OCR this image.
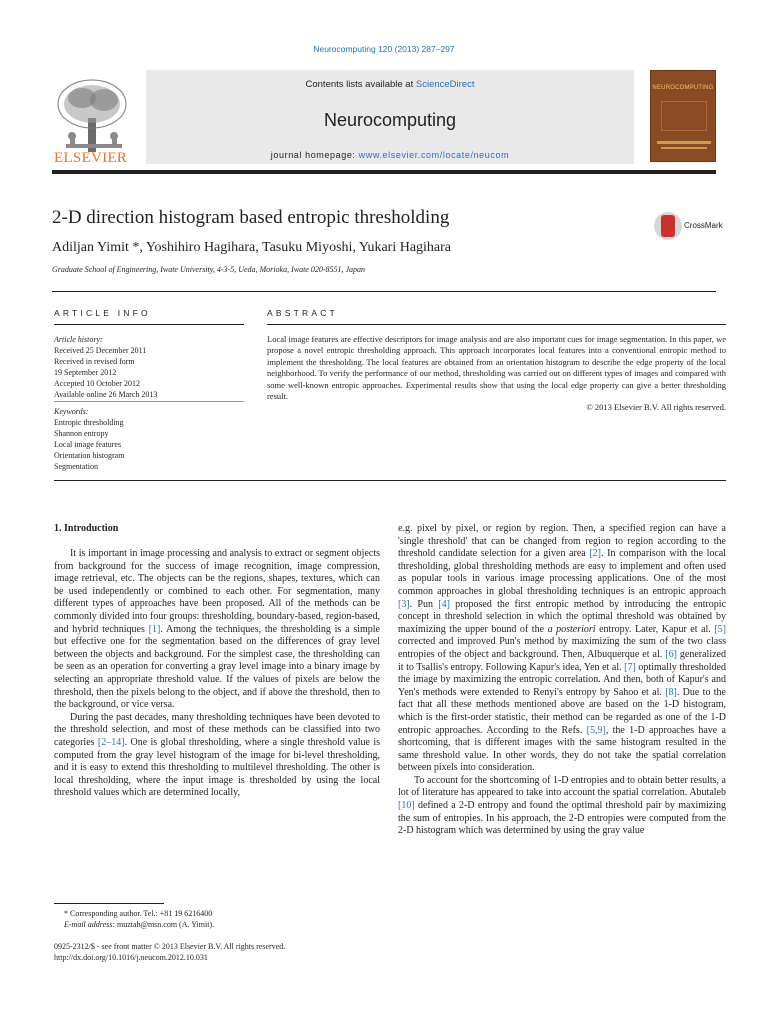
Neurocomputing 120 (2013) 287–297
ELSEVIER
Contents lists available at ScienceDirect
Neurocomputing
journal homepage: www.elsevier.com/locate/neucom
NEUROCOMPUTING
2-D direction histogram based entropic thresholding	CrossMark
Adiljan Yimit *, Yoshihiro Hagihara, Tasuku Miyoshi, Yukari Hagihara
Graduate School of Engineering, Iwate University, 4-3-5, Ueda, Morioka, Iwate 020-8551, Japan
ARTICLE INFO	ABSTRACT
Article history:
Received 25 December 2011
Received in revised form
19 September 2012
Accepted 10 October 2012
Available online 26 March 2013
Keywords:
Entropic thresholding
Shannon entropy
Local image features
Orientation histogram
Segmentation
Local image features are effective descriptors for image analysis and are also important cues for image segmentation. In this paper, we propose a novel entropic thresholding approach. This approach incorporates local features into a conventional entropic method to implement the thresholding. The local features are obtained from an orientation histogram to describe the edge property of the local neighborhood. To verify the performance of our method, thresholding was carried out on different types of images and compared with some well-known entropic approaches. Experimental results show that using the local edge property can give a better thresholding result.
© 2013 Elsevier B.V. All rights reserved.
1. Introduction

It is important in image processing and analysis to extract or segment objects from background for the success of image recognition, image compression, image retrieval, etc. The objects can be the regions, shapes, textures, which can be used independently or combined to each other. For segmentation, many different types of approaches have been proposed. All of the methods can be commonly divided into four groups: thresholding, boundary-based, region-based, and hybrid techniques [1]. Among the techniques, the thresholding is a simple but effective one for the segmentation based on the differences of gray level between the objects and background. For the simplest case, the thresholding can be seen as an operation for converting a gray level image into a binary image by selecting an appropriate threshold value. If the values of pixels are below the threshold, then the pixels belong to the object, and if above the threshold, then to the background, or vice versa.

During the past decades, many thresholding techniques have been devoted to the threshold selection, and most of these methods can be classified into two categories [2–14]. One is global thresholding, where a single threshold value is computed from the gray level histogram of the image for bi-level thresholding, and it is easy to extend this thresholding to multilevel thresholding. The other is local thresholding, where the input image is thresholded by using the local threshold values which are determined locally,

e.g. pixel by pixel, or region by region. Then, a specified region can have a 'single threshold' that can be changed from region to region according to the threshold candidate selection for a given area [2]. In comparison with the local thresholding, global thresholding methods are easy to implement and often used as popular tools in various image processing applications. One of the most common approaches in global thresholding techniques is an entropic approach [3]. Pun [4] proposed the first entropic method by introducing the entropic concept in threshold selection in which the optimal threshold was obtained by maximizing the upper bound of the a posteriori entropy. Later, Kapur et al. [5] corrected and improved Pun's method by maximizing the sum of the two class entropies of the object and background. Then, Albuquerque et al. [6] generalized it to Tsallis's entropy. Following Kapur's idea, Yen et al. [7] optimally thresholded the image by maximizing the entropic correlation. And then, both of Kapur's and Yen's methods were extended to Renyi's entropy by Sahoo et al. [8]. Due to the fact that all these methods mentioned above are based on the 1-D histogram, which is the first-order statistic, their method can be regarded as one of the 1-D entropic approaches. According to the Refs. [5,9], the 1-D approaches have a shortcoming, that is different images with the same histogram resulted in the same threshold value. In other words, they do not take the spatial correlation between pixels into consideration.

To account for the shortcoming of 1-D entropies and to obtain better results, a lot of literature has appeared to take into account the spatial correlation. Abutaleb [10] defined a 2-D entropy and found the optimal threshold pair by maximizing the sum of entropies. In his approach, the 2-D entropies were computed from the 2-D histogram which was determined by using the gray value

* Corresponding author. Tel.: +81 19 6216400
E-mail address: muztah@msn.com (A. Yimit).
0925-2312/$ - see front matter © 2013 Elsevier B.V. All rights reserved.
http://dx.doi.org/10.1016/j.neucom.2012.10.031
